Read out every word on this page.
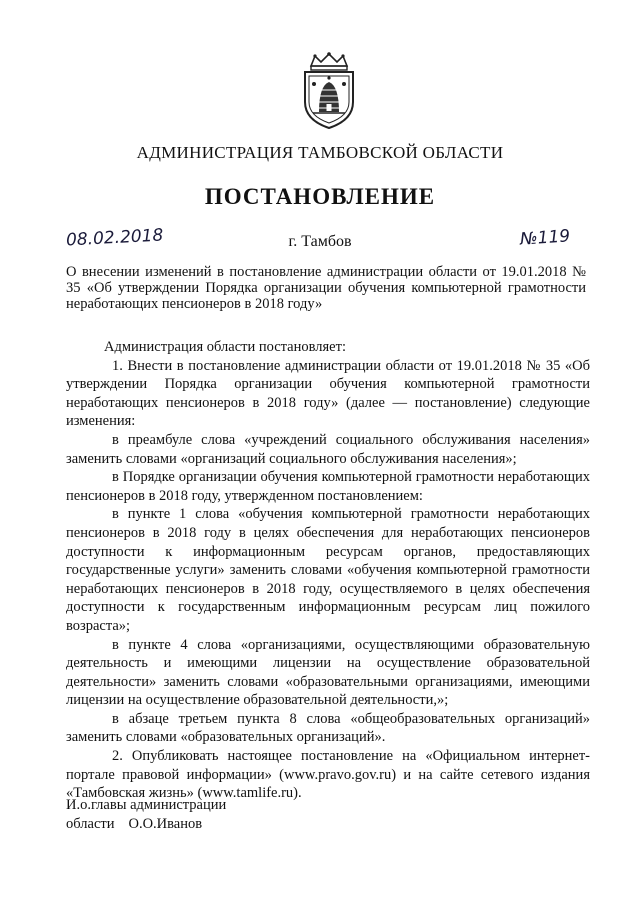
АДМИНИСТРАЦИЯ ТАМБОВСКОЙ ОБЛАСТИ
ПОСТАНОВЛЕНИЕ
08.02.2018	г. Тамбов	№119
О внесении изменений в постановление администрации области от 19.01.2018 № 35 «Об утверждении Порядка организации обучения компьютерной грамотности неработающих пенсионеров в 2018 году»

Администрация области постановляет:

1. Внести в постановление администрации области от 19.01.2018 № 35 «Об утверждении Порядка организации обучения компьютерной грамотности неработающих пенсионеров в 2018 году» (далее — постановление) следующие изменения:

в преамбуле слова «учреждений социального обслуживания населения» заменить словами «организаций социального обслуживания населения»;

в Порядке организации обучения компьютерной грамотности неработающих пенсионеров в 2018 году, утвержденном постановлением:

в пункте 1 слова «обучения компьютерной грамотности неработающих пенсионеров в 2018 году в целях обеспечения для неработающих пенсионеров доступности к информационным ресурсам органов, предоставляющих государственные услуги» заменить словами «обучения компьютерной грамотности неработающих пенсионеров в 2018 году, осуществляемого в целях обеспечения доступности к государственным информационным ресурсам лиц пожилого возраста»;

в пункте 4 слова «организациями, осуществляющими образовательную деятельность и имеющими лицензии на осуществление образовательной деятельности» заменить словами «образовательными организациями, имеющими лицензии на осуществление образовательной деятельности,»;

в абзаце третьем пункта 8 слова «общеобразовательных организаций» заменить словами «образовательных организаций».

2. Опубликовать настоящее постановление на «Официальном интернет-портале правовой информации» (www.pravo.gov.ru) и на сайте сетевого издания «Тамбовская жизнь» (www.tamlife.ru).

И.о.главы администрации
области О.О.Иванов
